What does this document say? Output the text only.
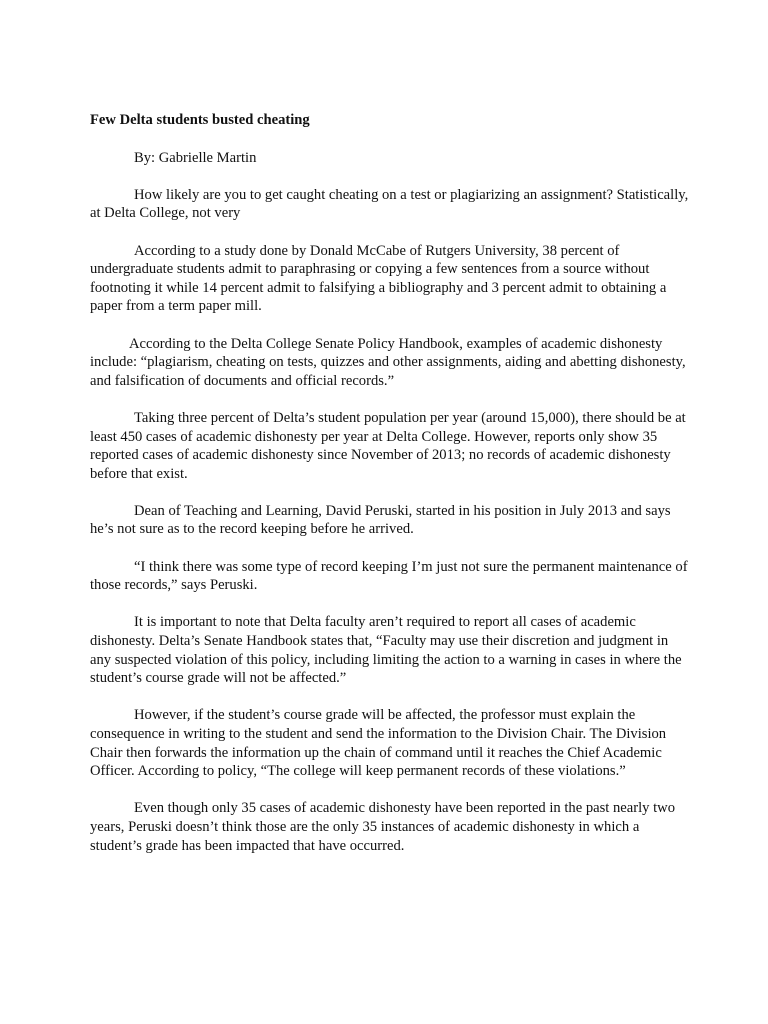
Few Delta students busted cheating
By: Gabrielle Martin
How likely are you to get caught cheating on a test or plagiarizing an assignment? Statistically, at Delta College, not very
According to a study done by Donald McCabe of Rutgers University, 38 percent of undergraduate students admit to paraphrasing or copying a few sentences from a source without footnoting it while 14 percent admit to falsifying a bibliography and 3 percent admit to obtaining a paper from a term paper mill.
According to the Delta College Senate Policy Handbook, examples of academic dishonesty include: “plagiarism, cheating on tests, quizzes and other assignments, aiding and abetting dishonesty, and falsification of documents and official records.”
Taking three percent of Delta’s student population per year (around 15,000), there should be at least 450 cases of academic dishonesty per year at Delta College. However, reports only show 35 reported cases of academic dishonesty since November of 2013; no records of academic dishonesty before that exist.
Dean of Teaching and Learning, David Peruski, started in his position in July 2013 and says he’s not sure as to the record keeping before he arrived.
“I think there was some type of record keeping I’m just not sure the permanent maintenance of those records,” says Peruski.
It is important to note that Delta faculty aren’t required to report all cases of academic dishonesty. Delta’s Senate Handbook states that, “Faculty may use their discretion and judgment in any suspected violation of this policy, including limiting the action to a warning in cases in where the student’s course grade will not be affected.”
However, if the student’s course grade will be affected, the professor must explain the consequence in writing to the student and send the information to the Division Chair. The Division Chair then forwards the information up the chain of command until it reaches the Chief Academic Officer. According to policy, “The college will keep permanent records of these violations.”
Even though only 35 cases of academic dishonesty have been reported in the past nearly two years, Peruski doesn’t think those are the only 35 instances of academic dishonesty in which a student’s grade has been impacted that have occurred.
